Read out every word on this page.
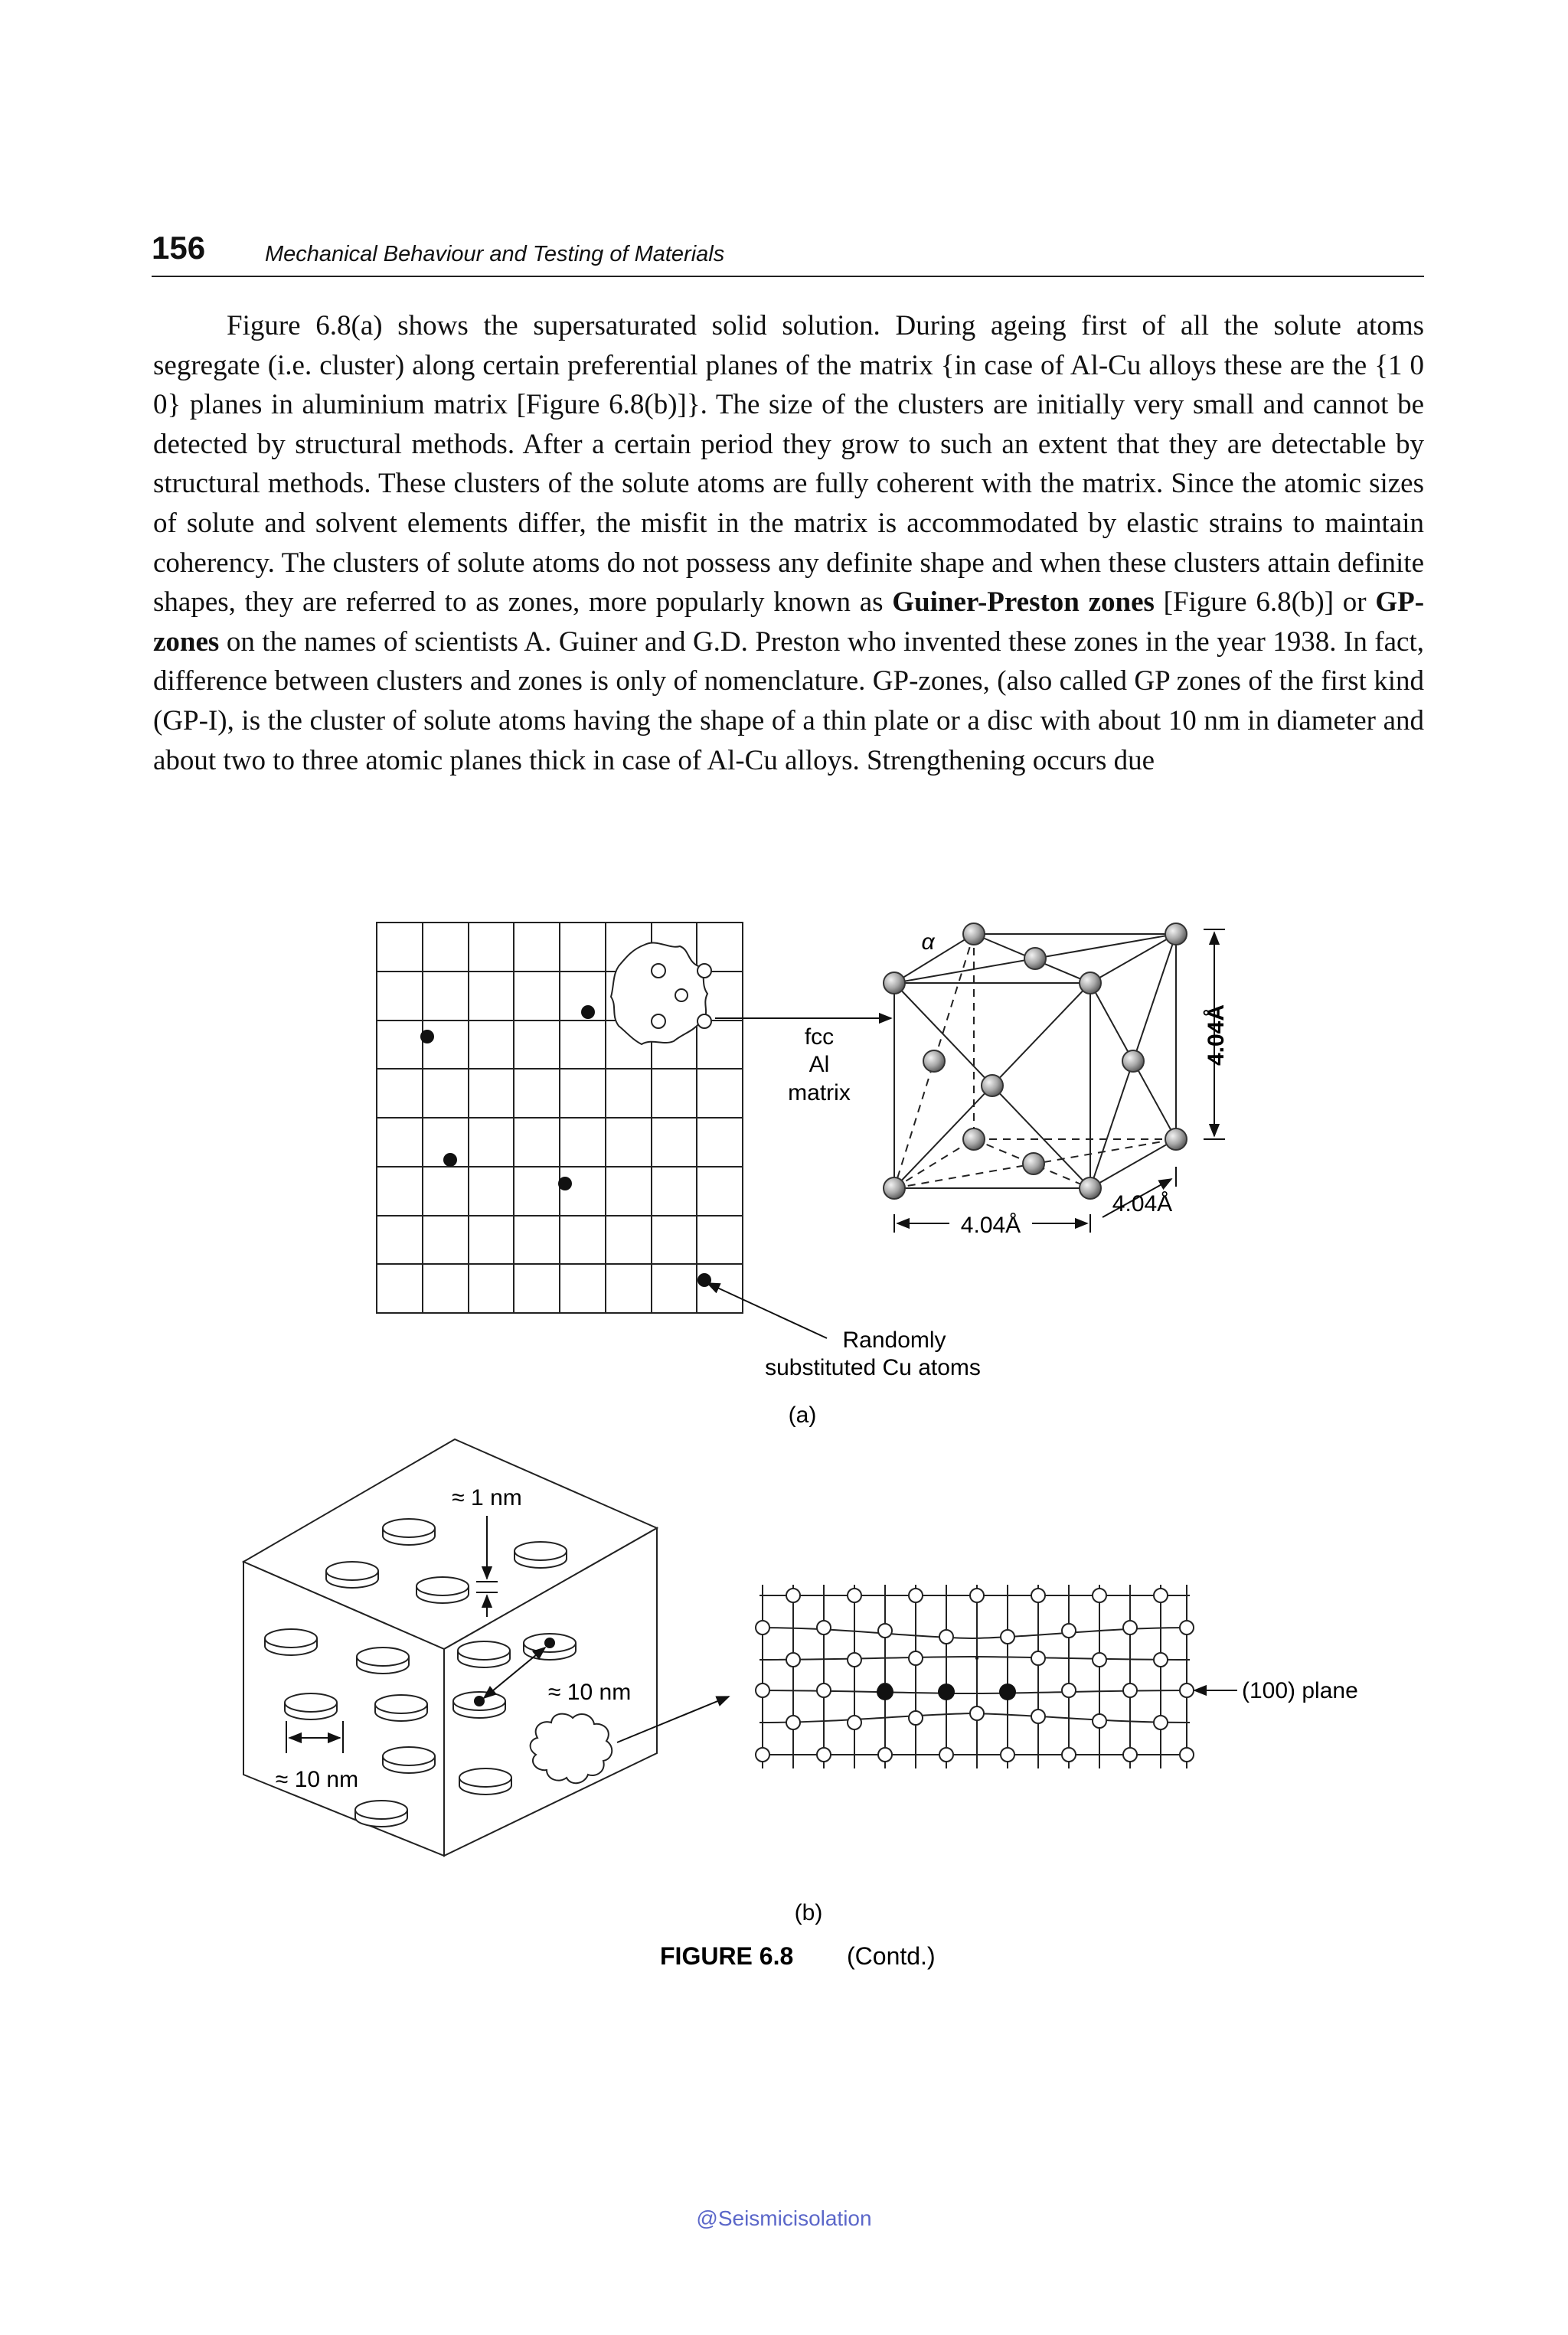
156	Mechanical Behaviour and Testing of Materials

Figure 6.8(a) shows the supersaturated solid solution. During ageing first of all the solute atoms segregate (i.e. cluster) along certain preferential planes of the matrix {in case of Al-Cu alloys these are the {1 0 0} planes in aluminium matrix [Figure 6.8(b)]}. The size of the clusters are initially very small and cannot be detected by structural methods. After a certain period they grow to such an extent that they are detectable by structural methods. These clusters of the solute atoms are fully coherent with the matrix. Since the atomic sizes of solute and solvent elements differ, the misfit in the matrix is accommodated by elastic strains to maintain coherency. The clusters of solute atoms do not possess any definite shape and when these clusters attain definite shapes, they are referred to as zones, more popularly known as Guiner-Preston zones [Figure 6.8(b)] or GP-zones on the names of scientists A. Guiner and G.D. Preston who invented these zones in the year 1938. In fact, difference between clusters and zones is only of nomenclature. GP-zones, (also called GP zones of the first kind (GP-I), is the cluster of solute atoms having the shape of a thin plate or a disc with about 10 nm in diameter and about two to three atomic planes thick in case of Al-Cu alloys. Strengthening occurs due

fcc
Al
matrix
Randomly
substituted Cu atoms
α
4.04Å
4.04Å
4.04Å
(a)
≈ 10 nm
≈ 1 nm
≈ 10 nm
(100) plane
(b)
FIGURE 6.8 (Contd.)
@Seismicisolation
